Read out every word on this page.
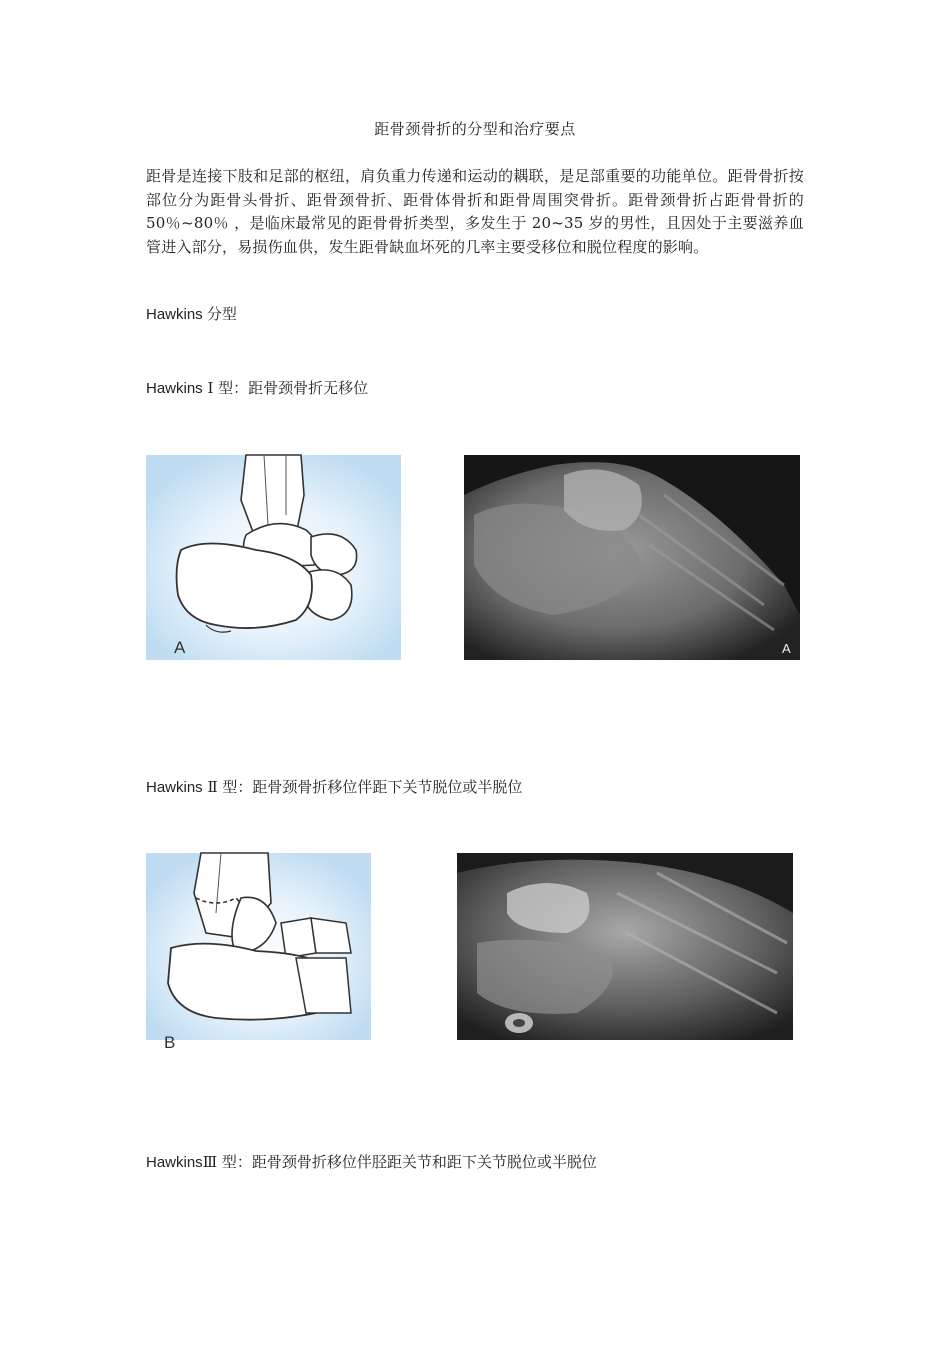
距骨颈骨折的分型和治疗要点
距骨是连接下肢和足部的枢纽，肩负重力传递和运动的耦联，是足部重要的功能单位。距骨骨折按部位分为距骨头骨折、距骨颈骨折、距骨体骨折和距骨周围突骨折。距骨颈骨折占距骨骨折的 50％~80％ ，是临床最常见的距骨骨折类型，多发生于 20~35 岁的男性，且因处于主要滋养血管进入部分，易损伤血供，发生距骨缺血坏死的几率主要受移位和脱位程度的影响。
Hawkins 分型
Hawkins Ⅰ 型：距骨颈骨折无移位
A	A
Hawkins Ⅱ 型：距骨颈骨折移位伴距下关节脱位或半脱位
B
HawkinsⅢ 型：距骨颈骨折移位伴胫距关节和距下关节脱位或半脱位
